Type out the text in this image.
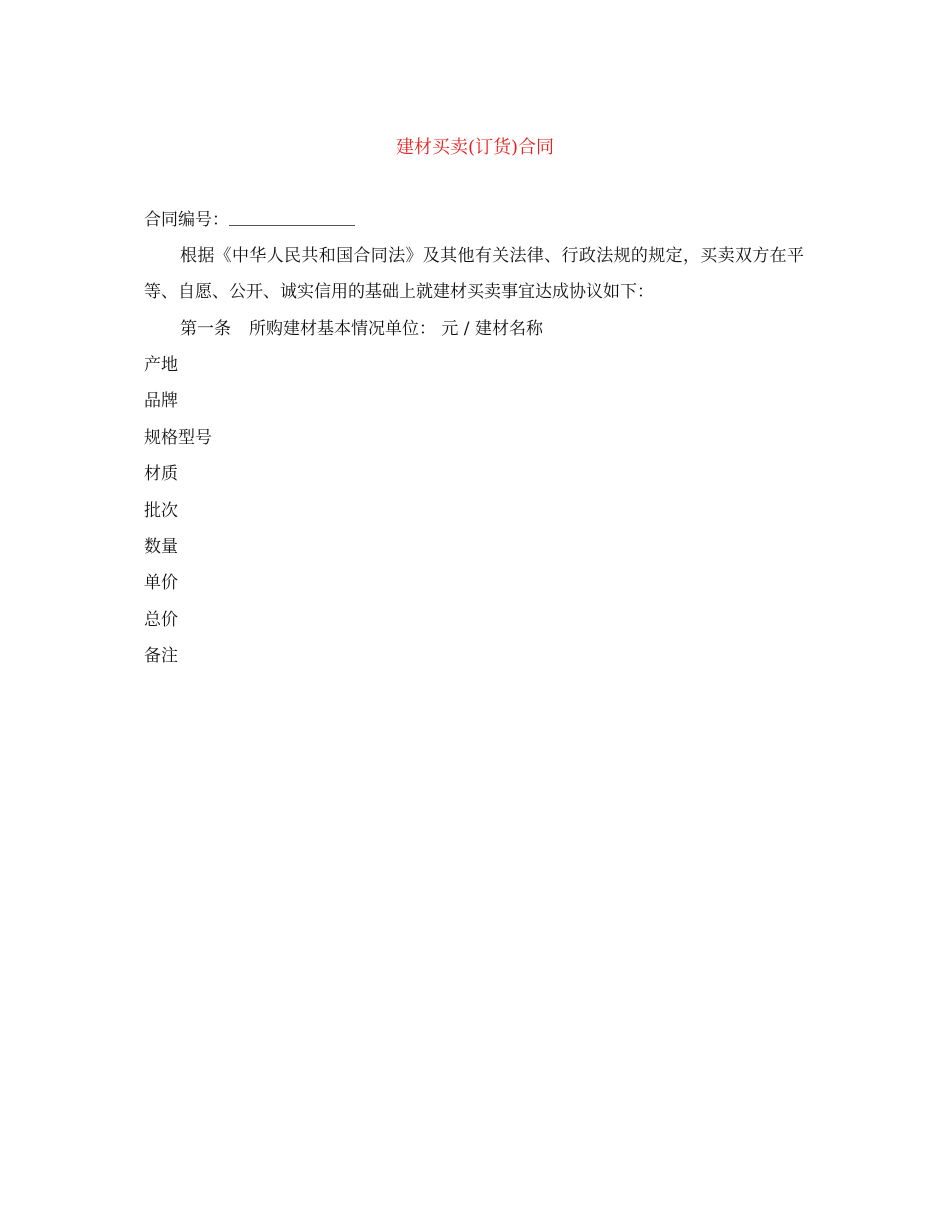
建材买卖(订货)合同
合同编号：
根据《中华人民共和国合同法》及其他有关法律、行政法规的规定，买卖双方在平等、自愿、公开、诚实信用的基础上就建材买卖事宜达成协议如下：
第一条 所购建材基本情况单位： 元 / 建材名称
产地
品牌
规格型号
材质
批次
数量
单价
总价
备注
